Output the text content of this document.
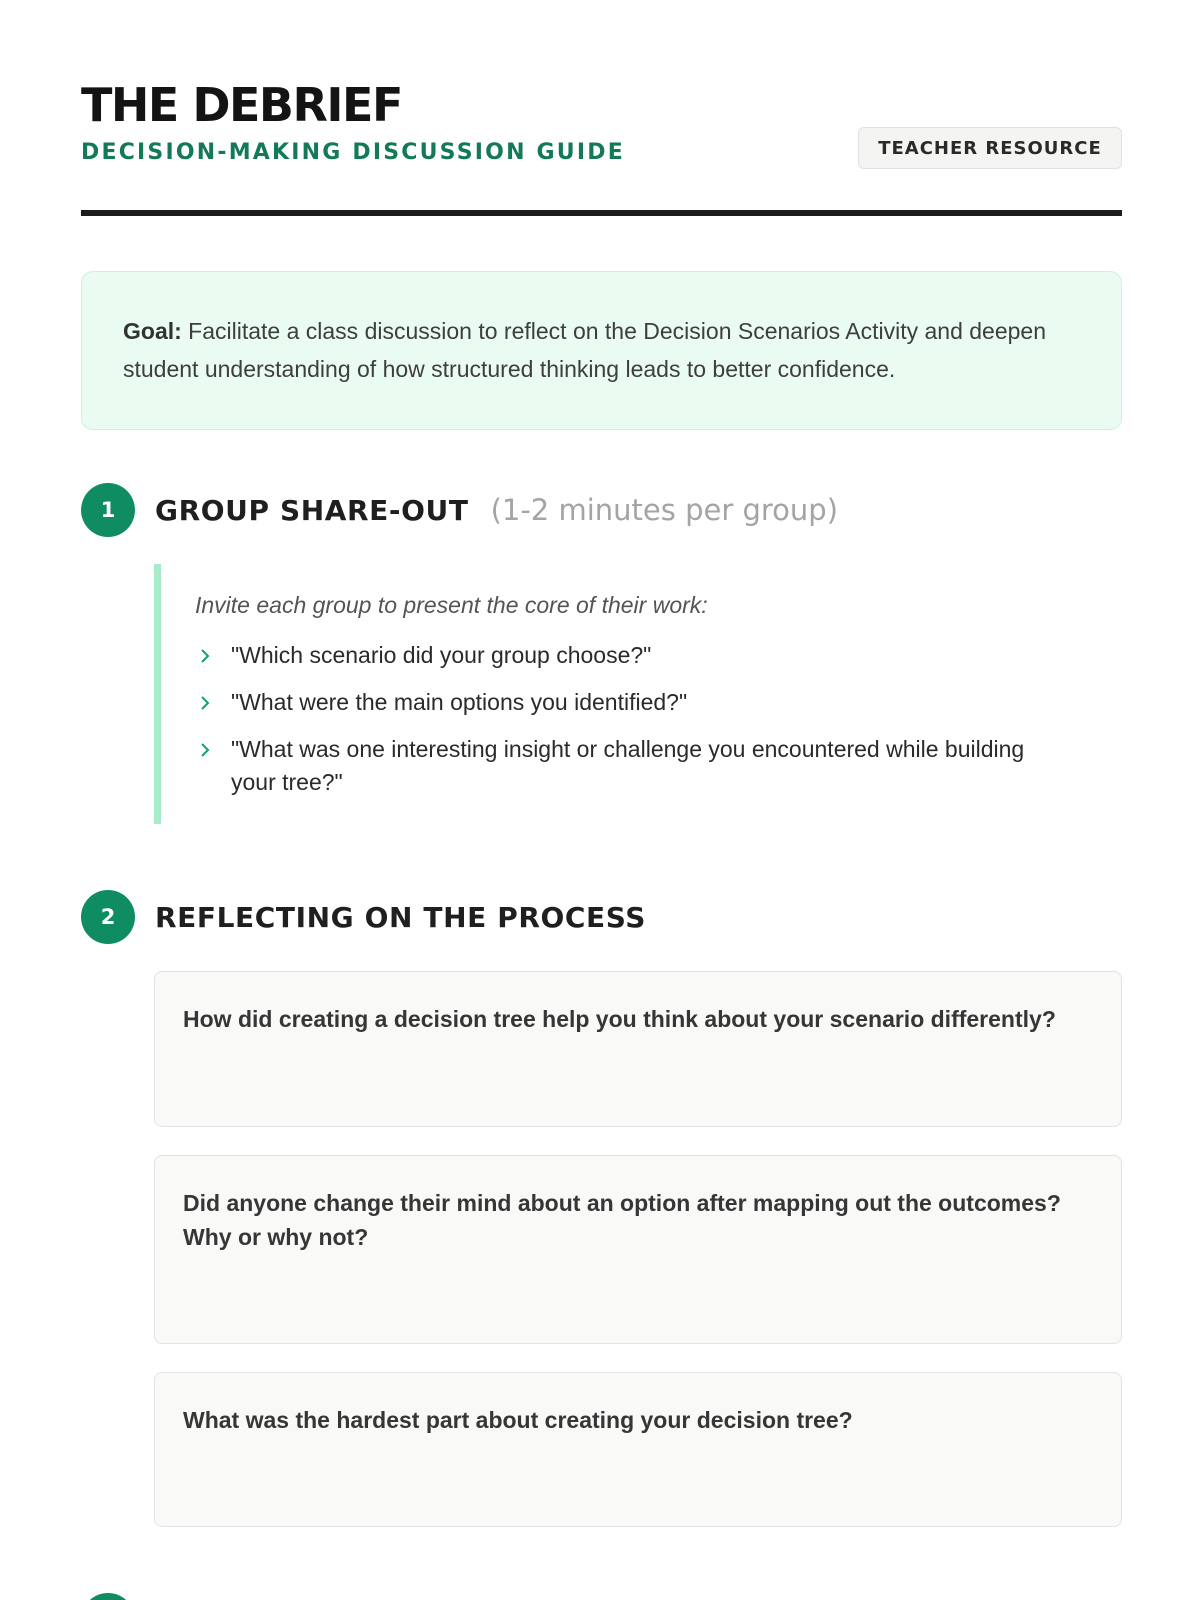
THE DEBRIEF
DECISION-MAKING DISCUSSION GUIDE	TEACHER RESOURCE
Goal: Facilitate a class discussion to reflect on the Decision Scenarios Activity and deepen student understanding of how structured thinking leads to better confidence.
1	GROUP SHARE-OUT (1-2 minutes per group)
Invite each group to present the core of their work:
"Which scenario did your group choose?"
"What were the main options you identified?"
"What was one interesting insight or challenge you encountered while building your tree?"
2	REFLECTING ON THE PROCESS
How did creating a decision tree help you think about your scenario differently?
Did anyone change their mind about an option after mapping out the outcomes? Why or why not?
What was the hardest part about creating your decision tree?
